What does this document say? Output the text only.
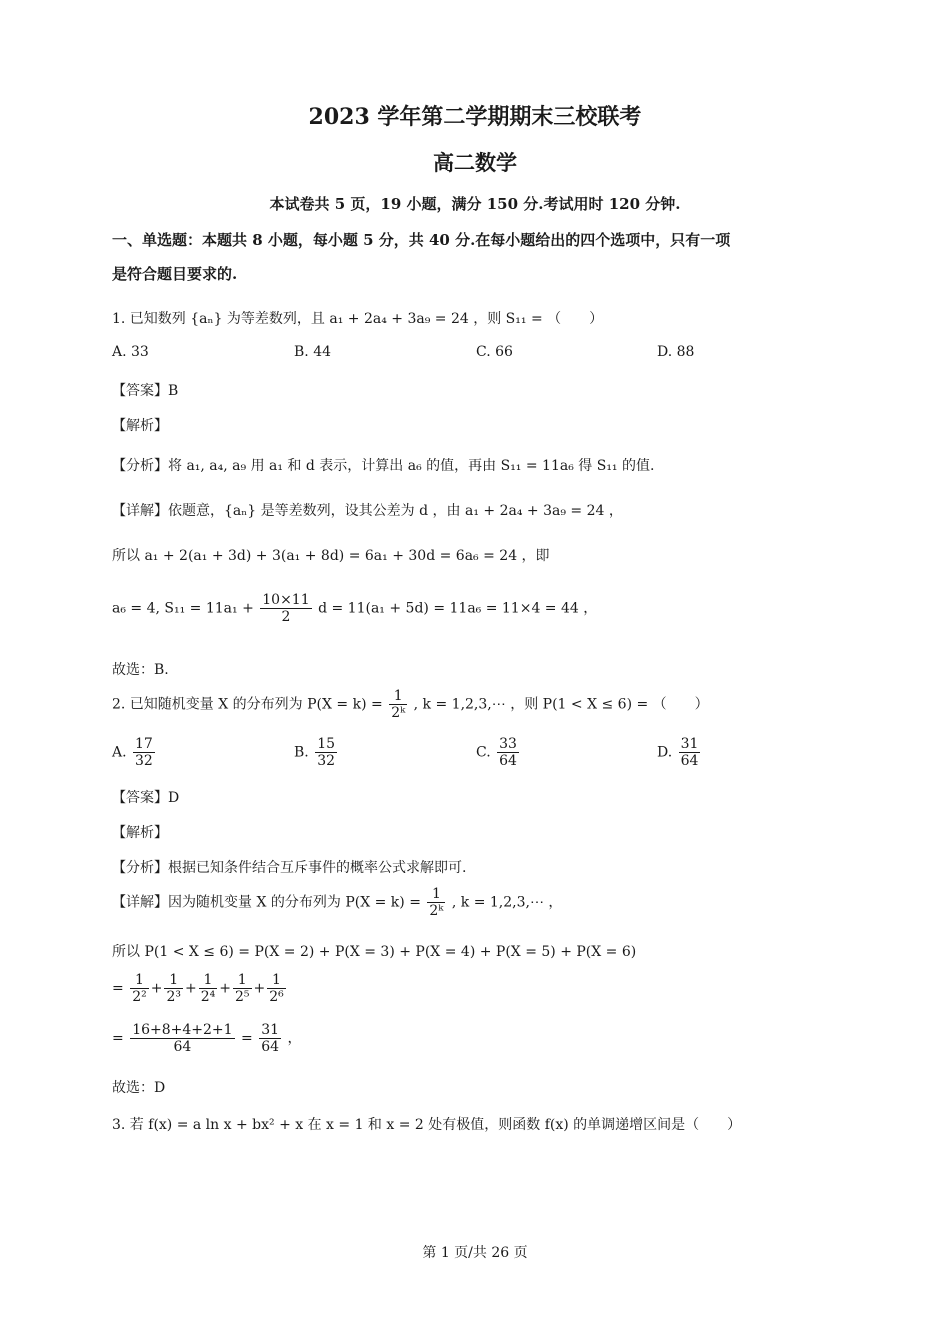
2023 学年第二学期期末三校联考
高二数学
本试卷共 5 页，19 小题，满分 150 分.考试用时 120 分钟.
一、单选题：本题共 8 小题，每小题 5 分，共 40 分.在每小题给出的四个选项中，只有一项
是符合题目要求的.
1. 已知数列 {aₙ} 为等差数列，且 a₁ + 2a₄ + 3a₉ = 24 ，则 S₁₁ = （　　）
A. 33	B. 44	C. 66	D. 88
【答案】B
【解析】
【分析】将 a₁, a₄, a₉ 用 a₁ 和 d 表示，计算出 a₆ 的值，再由 S₁₁ = 11a₆ 得 S₁₁ 的值.
【详解】依题意，{aₙ} 是等差数列，设其公差为 d ，由 a₁ + 2a₄ + 3a₉ = 24 ，
所以 a₁ + 2(a₁ + 3d) + 3(a₁ + 8d) = 6a₁ + 30d = 6a₆ = 24 ，即
a₆ = 4, $S_{11} = 11a_1 + \frac{10\times 11}{2}$ d = 11(a₁ + 5d) = 11a₆ = 11×4 = 44 ，
故选：B.
2. 已知随机变量 X 的分布列为 $P(X = k) = \frac{1}{\text{2ᵏ}}$ , k = 1,2,3,⋯ ，则 P(1 < X ≤ 6) = （　　）
A. $\frac{17}{32}$	B. $\frac{15}{32}$	C. $\frac{33}{64}$	D. $\frac{31}{64}$
【答案】D
【解析】
【分析】根据已知条件结合互斥事件的概率公式求解即可.
【详解】因为随机变量 X 的分布列为 $P(X = k) = \frac{1}{\text{2ᵏ}}$ , k = 1,2,3,⋯ ，
所以 P(1 < X ≤ 6) = P(X = 2) + P(X = 3) + P(X = 4) + P(X = 5) + P(X = 6)
= $\frac{1}{\text{2²}} + \frac{1}{\text{2³}} + \frac{1}{\text{2⁴}} + \frac{1}{\text{2⁵}} + \frac{1}{\text{2⁶}}$
= $\frac{16+8+4+2+1}{64} = \frac{31}{64}$ ，
故选：D
3. 若 f(x) = a ln x + bx² + x 在 x = 1 和 x = 2 处有极值，则函数 f(x) 的单调递增区间是（　　）
第 1 页/共 26 页
